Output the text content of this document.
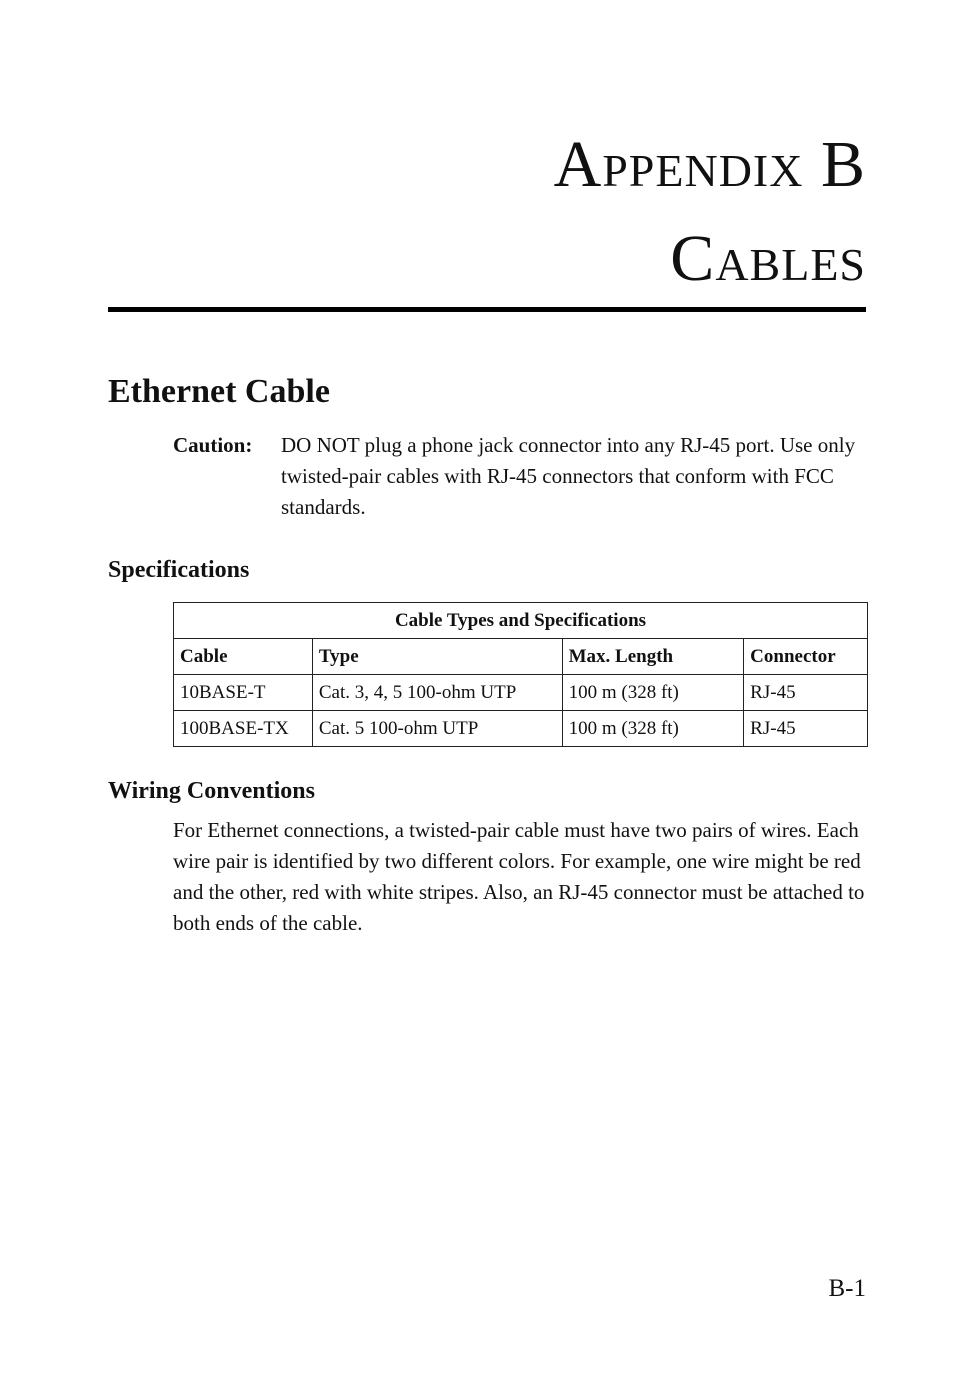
Appendix B
Cables
Ethernet Cable
Caution:	DO NOT plug a phone jack connector into any RJ-45 port. Use only twisted-pair cables with RJ-45 connectors that conform with FCC standards.
Specifications
Cable Types and Specifications			
Cable	Type	Max. Length	Connector
10BASE-T	Cat. 3, 4, 5 100-ohm UTP	100 m (328 ft)	RJ-45
100BASE-TX	Cat. 5 100-ohm UTP	100 m (328 ft)	RJ-45
Wiring Conventions

For Ethernet connections, a twisted-pair cable must have two pairs of wires. Each wire pair is identified by two different colors. For example, one wire might be red and the other, red with white stripes. Also, an RJ-45 connector must be attached to both ends of the cable.

B-1
